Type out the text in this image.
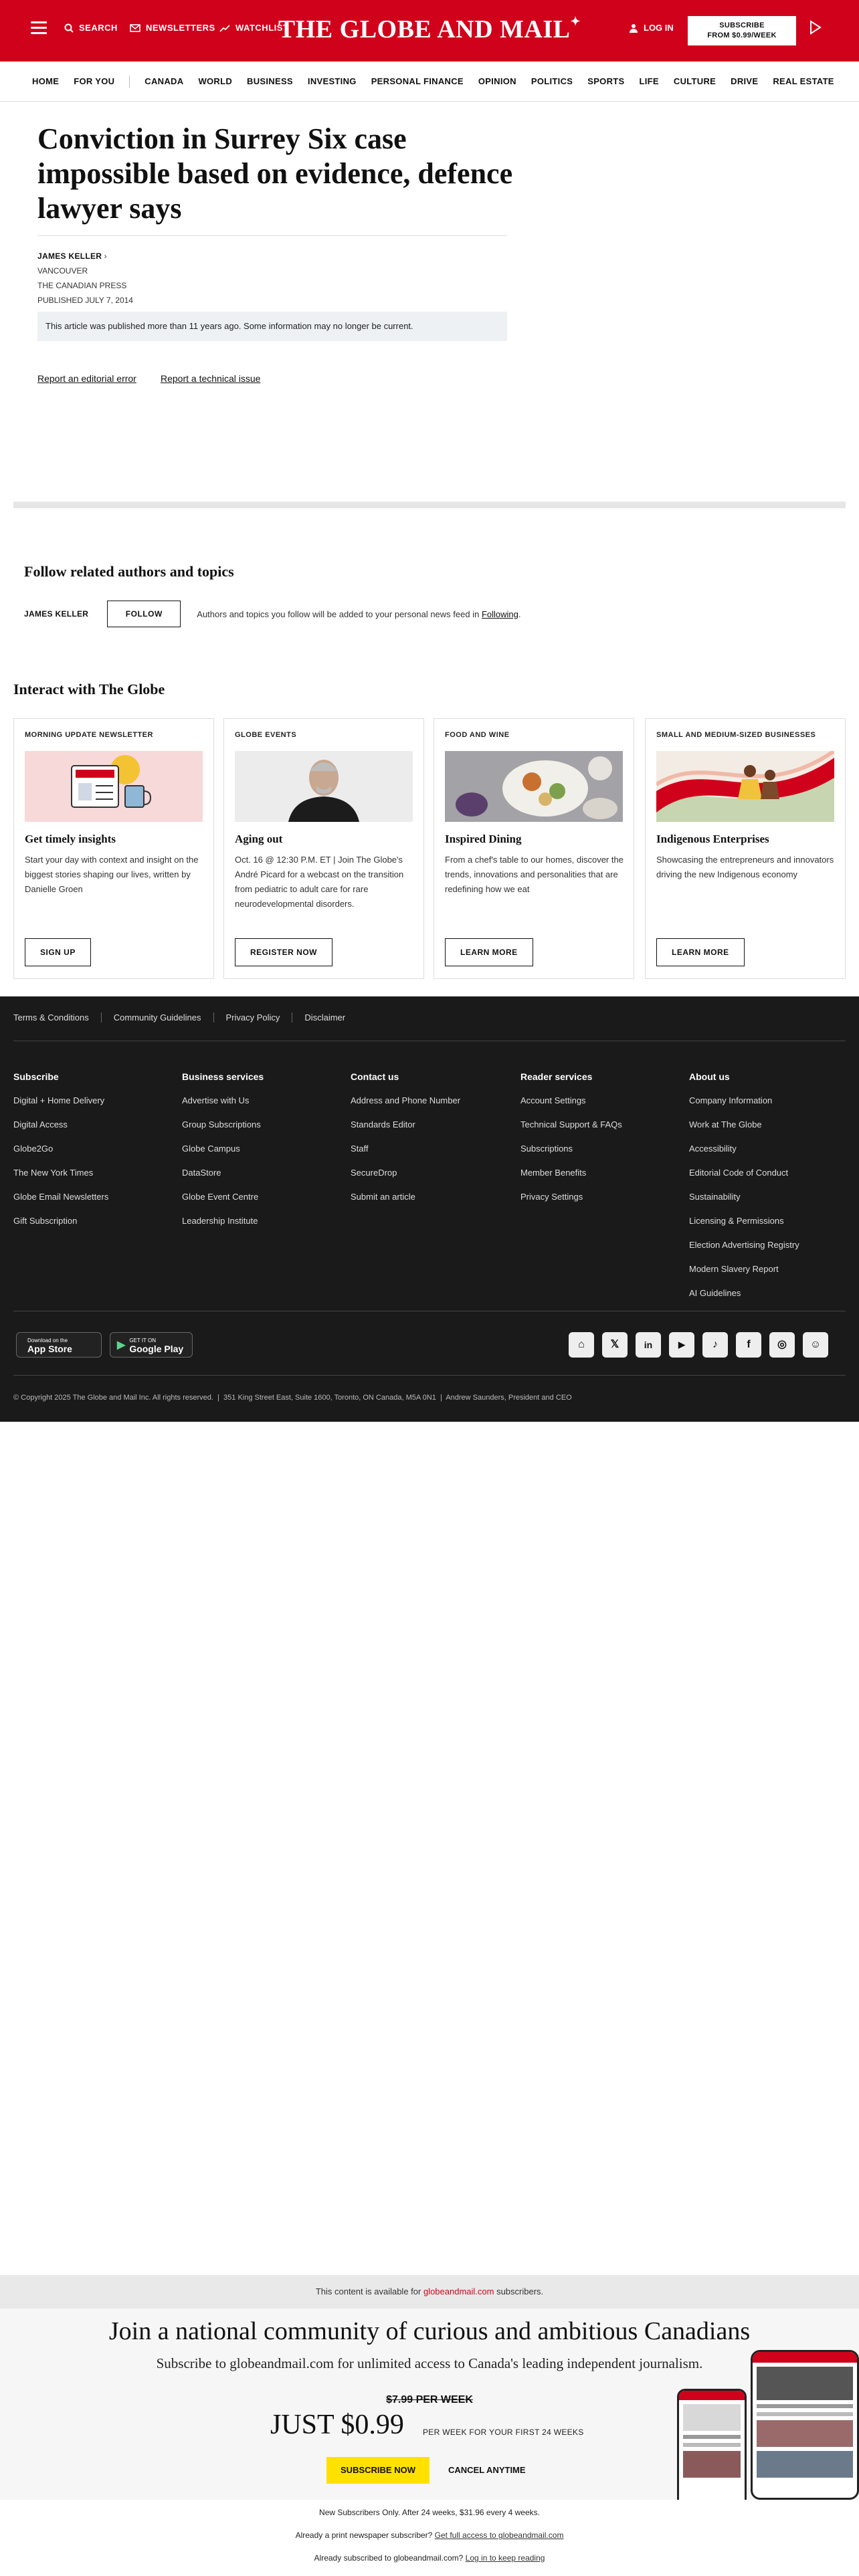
SEARCH	NEWSLETTERS WATCHLIST
THE GLOBE AND MAIL✦	LOG IN	SUBSCRIBE
FROM $0.99/WEEK
HOME FOR YOU	CANADA WORLD BUSINESS INVESTING PERSONAL FINANCE OPINION POLITICS SPORTS LIFE CULTURE DRIVE REAL ESTATE
Conviction in Surrey Six case impossible based on evidence, defence lawyer says
JAMES KELLER ›
VANCOUVER
THE CANADIAN PRESS
PUBLISHED JULY 7, 2014
This article was published more than 11 years ago. Some information may no longer be current.
Report an editorial error	Report a technical issue
Follow related authors and topics
JAMES KELLER	FOLLOW	Authors and topics you follow will be added to your personal news feed in Following.
Interact with The Globe
MORNING UPDATE NEWSLETTER
Get timely insights
Start your day with context and insight on the biggest stories shaping our lives, written by Danielle Groen
SIGN UP
GLOBE EVENTS
Aging out
Oct. 16 @ 12:30 P.M. ET | Join The Globe's André Picard for a webcast on the transition from pediatric to adult care for rare neurodevelopmental disorders.
REGISTER NOW
FOOD AND WINE
Inspired Dining
From a chef's table to our homes, discover the trends, innovations and personalities that are redefining how we eat
LEARN MORE
SMALL AND MEDIUM-SIZED BUSINESSES
Indigenous Enterprises
Showcasing the entrepreneurs and innovators driving the new Indigenous economy
LEARN MORE
Terms & Conditions	Community Guidelines	Privacy Policy	Disclaimer
Subscribe
Digital + Home Delivery
Digital Access
Globe2Go
The New York Times
Globe Email Newsletters
Gift Subscription
Business services
Advertise with Us
Group Subscriptions
Globe Campus
DataStore
Globe Event Centre
Leadership Institute
Contact us
Address and Phone Number
Standards Editor
Staff
SecureDrop
Submit an article
Reader services
Account Settings
Technical Support & FAQs
Subscriptions
Member Benefits
Privacy Settings
About us
Company Information
Work at The Globe
Accessibility
Editorial Code of Conduct
Sustainability
Licensing & Permissions
Election Advertising Registry
Modern Slavery Report
AI Guidelines
Download on the
App Store	▶ GET IT ON
Google Play	⌂	𝕏	in	▶	♪	f	◎	☺
© Copyright 2025 The Globe and Mail Inc. All rights reserved.  |  351 King Street East, Suite 1600, Toronto, ON Canada, M5A 0N1  |  Andrew Saunders, President and CEO
This content is available for globeandmail.com subscribers.
Join a national community of curious and ambitious Canadians
Subscribe to globeandmail.com for unlimited access to Canada's leading independent journalism.
$7.99 PER WEEK
JUST $0.99 PER WEEK FOR YOUR FIRST 24 WEEKS
SUBSCRIBE NOW	CANCEL ANYTIME
New Subscribers Only. After 24 weeks, $31.96 every 4 weeks.
Already a print newspaper subscriber? Get full access to globeandmail.com
Already subscribed to globeandmail.com? Log in to keep reading
